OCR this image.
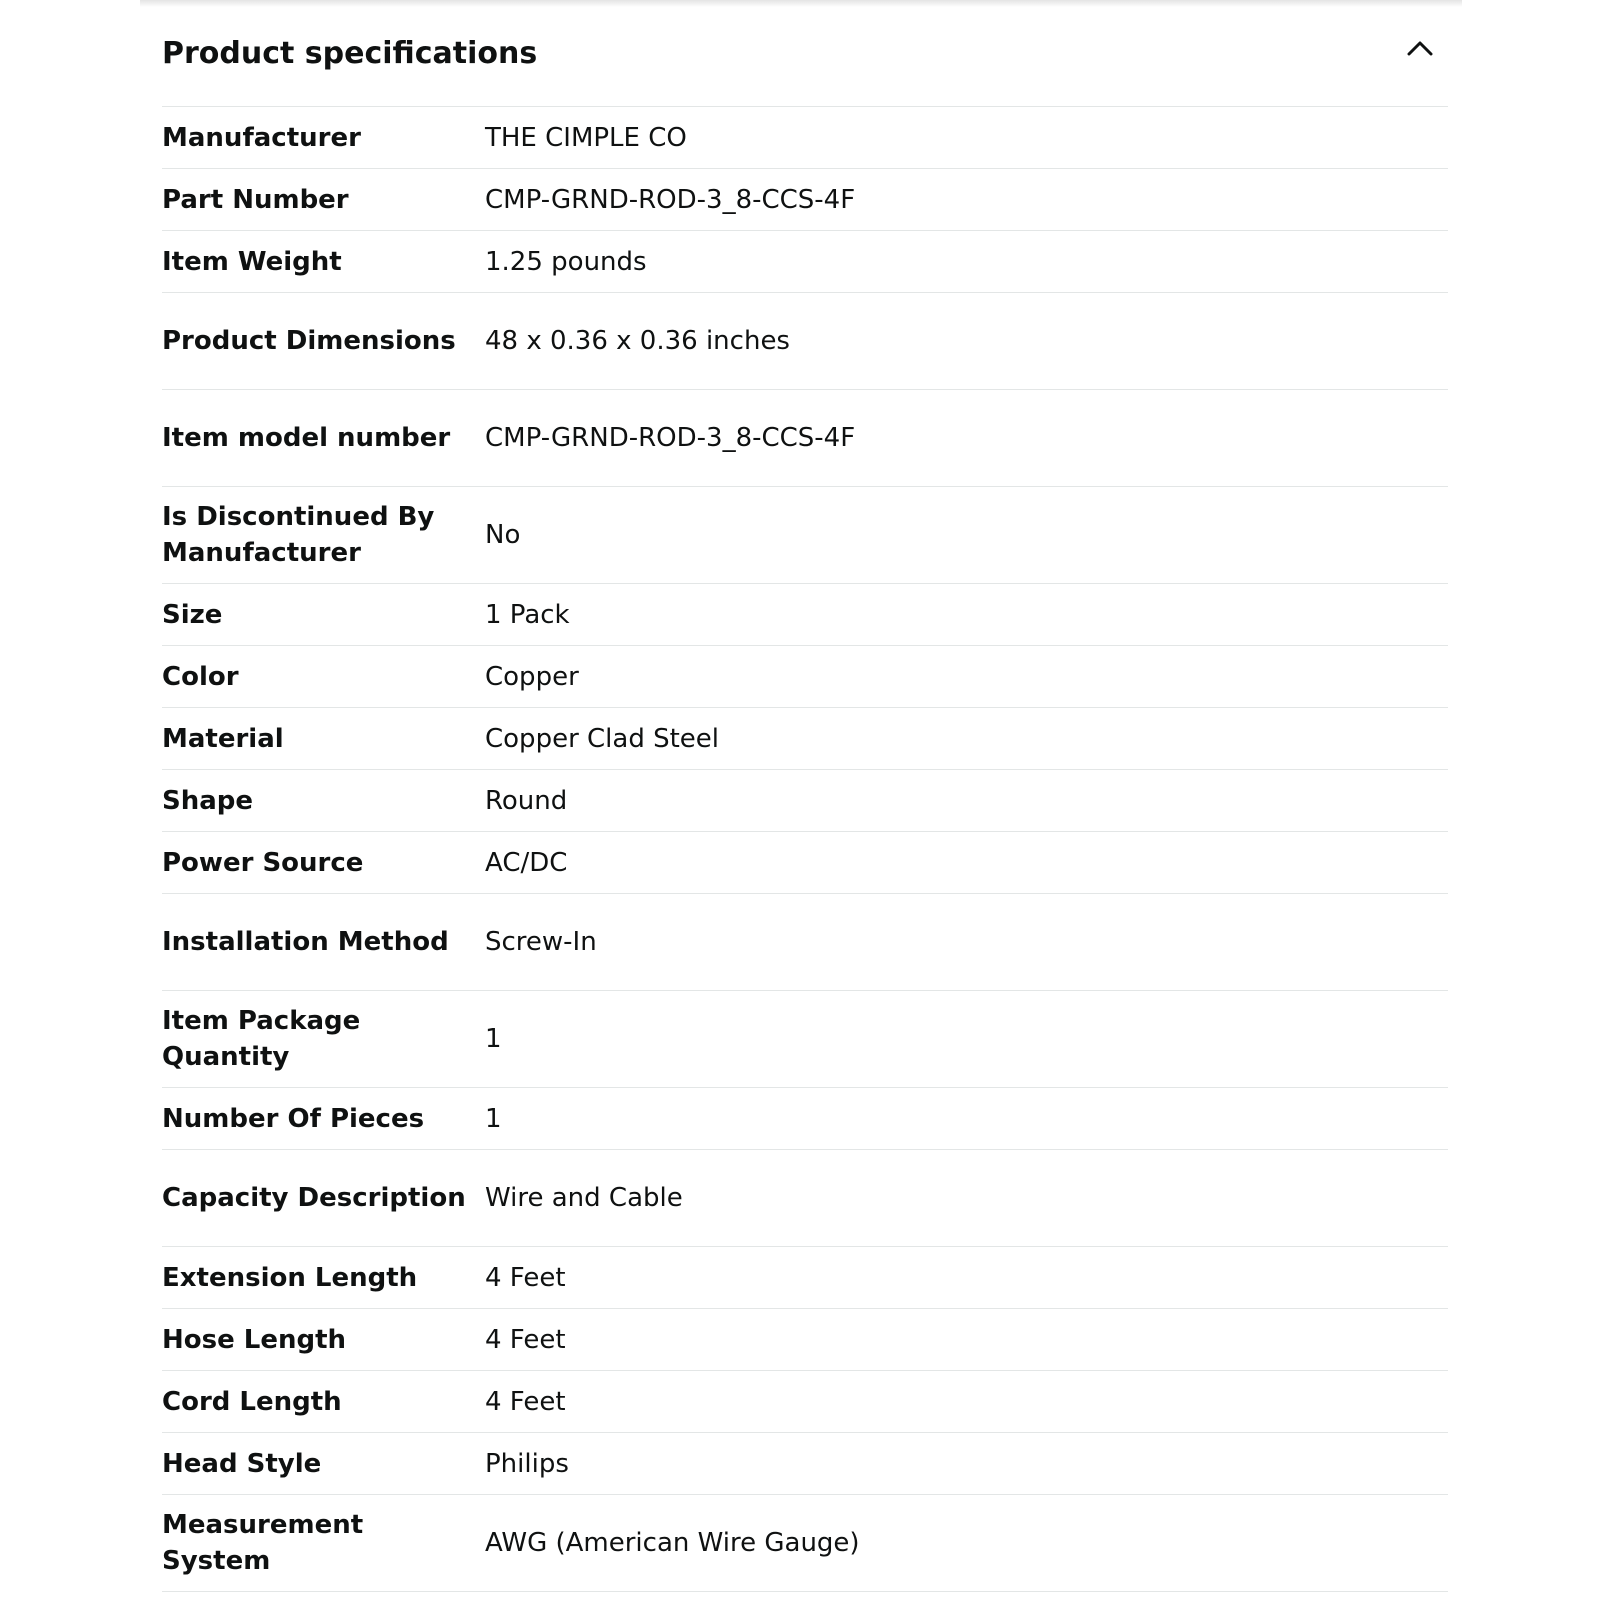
Product specifications
Manufacturer	THE CIMPLE CO
Part Number	CMP-GRND-ROD-3_8-CCS-4F
Item Weight	1.25 pounds
Product Dimensions	48 x 0.36 x 0.36 inches
Item model number	CMP-GRND-ROD-3_8-CCS-4F
Is Discontinued By Manufacturer	No
Size	1 Pack
Color	Copper
Material	Copper Clad Steel
Shape	Round
Power Source	AC/DC
Installation Method	Screw-In
Item Package Quantity	1
Number Of Pieces	1
Capacity Description	Wire and Cable
Extension Length	4 Feet
Hose Length	4 Feet
Cord Length	4 Feet
Head Style	Philips
Measurement System	AWG (American Wire Gauge)
